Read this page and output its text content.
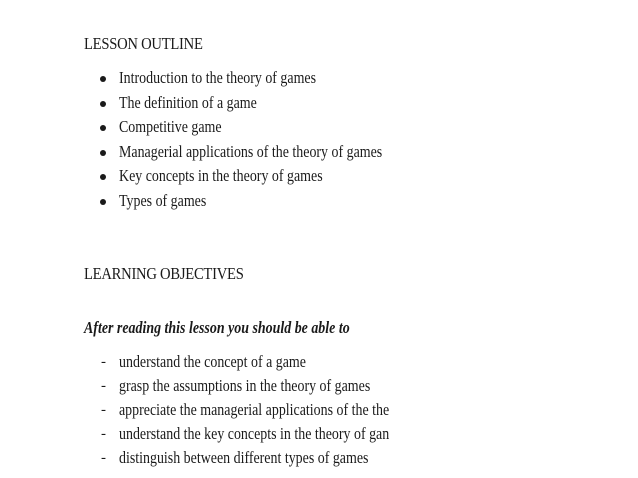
LESSON OUTLINE
Introduction to the theory of games
The definition of a game
Competitive game
Managerial applications of the theory of games
Key concepts in the theory of games
Types of games
LEARNING OBJECTIVES
After reading this lesson you should be able to
- understand the concept of a game
- grasp the assumptions in the theory of games
- appreciate the managerial applications of the the
- understand the key concepts in the theory of gan
- distinguish between different types of games
